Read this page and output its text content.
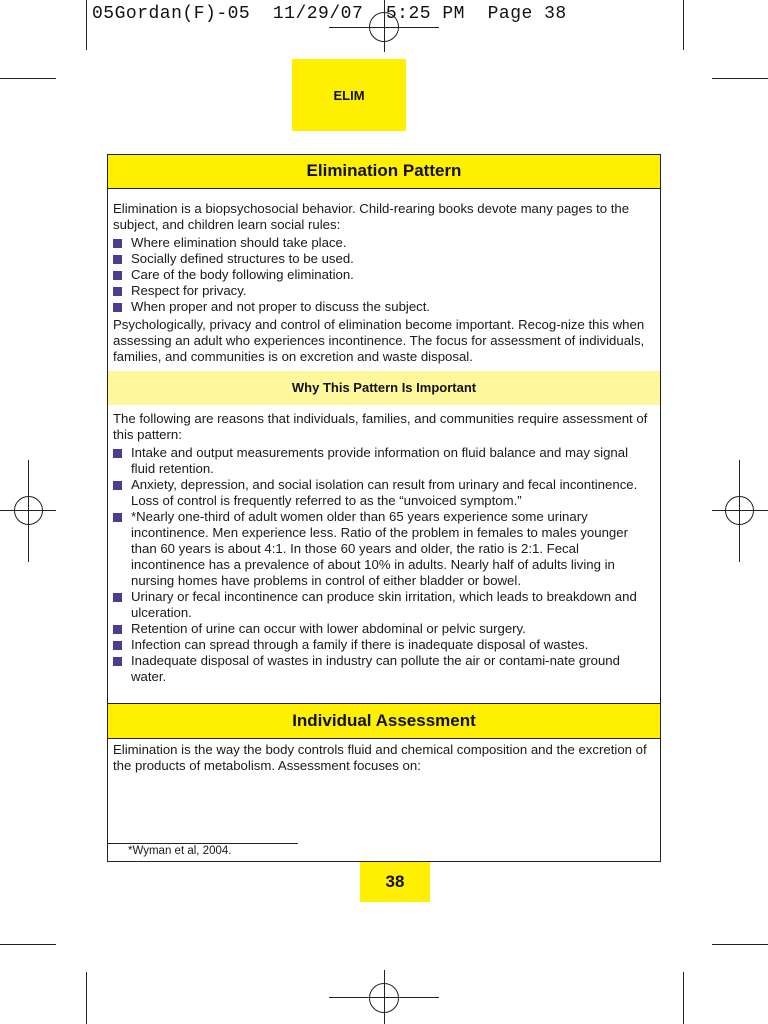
05Gordan(F)-05 11/29/07 5:25 PM Page 38
ELIM
Elimination Pattern

Elimination is a biopsychosocial behavior. Child-rearing books devote many pages to the subject, and children learn social rules:

Where elimination should take place.
Socially defined structures to be used.
Care of the body following elimination.
Respect for privacy.
When proper and not proper to discuss the subject.

Psychologically, privacy and control of elimination become important. Recog-nize this when assessing an adult who experiences incontinence. The focus for assessment of individuals, families, and communities is on excretion and waste disposal.

Why This Pattern Is Important

The following are reasons that individuals, families, and communities require assessment of this pattern:

Intake and output measurements provide information on fluid balance and may signal fluid retention.
Anxiety, depression, and social isolation can result from urinary and fecal incontinence. Loss of control is frequently referred to as the “unvoiced symptom.”
*Nearly one-third of adult women older than 65 years experience some urinary incontinence. Men experience less. Ratio of the problem in females to males younger than 60 years is about 4:1. In those 60 years and older, the ratio is 2:1. Fecal incontinence has a prevalence of about 10% in adults. Nearly half of adults living in nursing homes have problems in control of either bladder or bowel.
Urinary or fecal incontinence can produce skin irritation, which leads to breakdown and ulceration.
Retention of urine can occur with lower abdominal or pelvic surgery.
Infection can spread through a family if there is inadequate disposal of wastes.
Inadequate disposal of wastes in industry can pollute the air or contami-nate ground water.
Individual Assessment

Elimination is the way the body controls fluid and chemical composition and the excretion of the products of metabolism. Assessment focuses on:

*Wyman et al, 2004.
38
